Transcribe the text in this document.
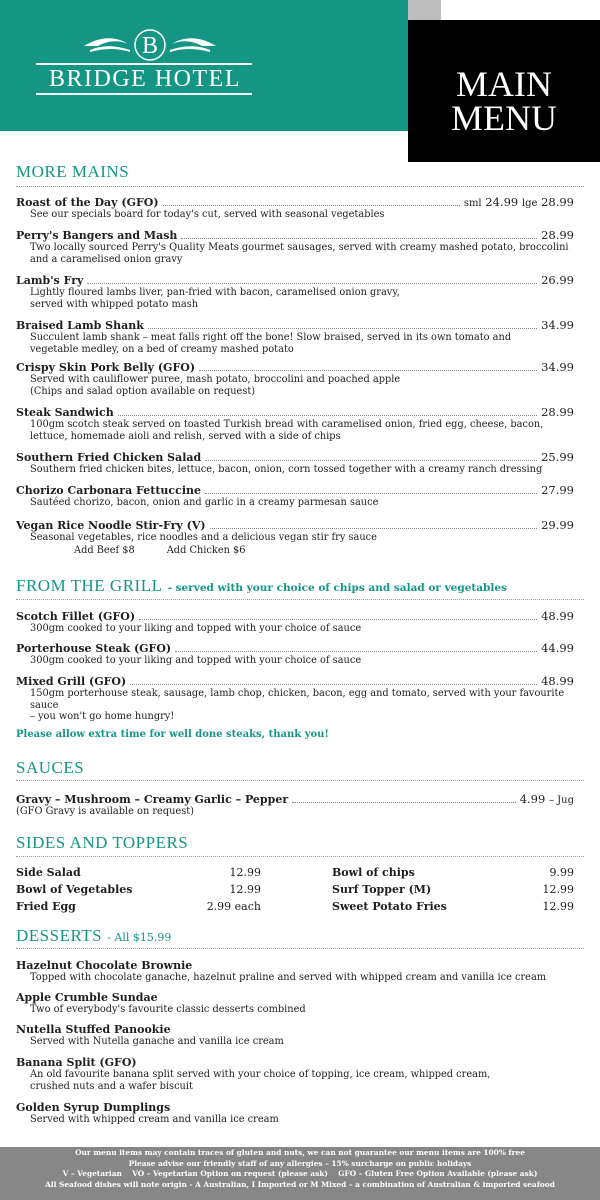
B
BRIDGE HOTEL	MAIN
MENU
MORE MAINS
Roast of the Day (GFO)	sml 24.99 lge 28.99
See our specials board for today's cut, served with seasonal vegetables
Perry's Bangers and Mash	28.99
Two locally sourced Perry's Quality Meats gourmet sausages, served with creamy mashed potato, broccolini
and a caramelised onion gravy
Lamb's Fry	26.99
Lightly floured lambs liver, pan-fried with bacon, caramelised onion gravy,
served with whipped potato mash
Braised Lamb Shank	34.99
Succulent lamb shank – meat falls right off the bone! Slow braised, served in its own tomato and
vegetable medley, on a bed of creamy mashed potato
Crispy Skin Pork Belly (GFO)	34.99
Served with cauliflower puree, mash potato, broccolini and poached apple
(Chips and salad option available on request)
Steak Sandwich	28.99
100gm scotch steak served on toasted Turkish bread with caramelised onion, fried egg, cheese, bacon,
lettuce, homemade aioli and relish, served with a side of chips
Southern Fried Chicken Salad	25.99
Southern fried chicken bites, lettuce, bacon, onion, corn tossed together with a creamy ranch dressing
Chorizo Carbonara Fettuccine	27.99
Sautéed chorizo, bacon, onion and garlic in a creamy parmesan sauce
Vegan Rice Noodle Stir-Fry (V)	29.99
Seasonal vegetables, rice noodles and a delicious vegan stir fry sauce
Add Beef $8	Add Chicken $6
FROM THE GRILL - served with your choice of chips and salad or vegetables
Scotch Fillet (GFO)	48.99
300gm cooked to your liking and topped with your choice of sauce
Porterhouse Steak (GFO)	44.99
300gm cooked to your liking and topped with your choice of sauce
Mixed Grill (GFO)	48.99
150gm porterhouse steak, sausage, lamb chop, chicken, bacon, egg and tomato, served with your favourite
sauce
– you won't go home hungry!
Please allow extra time for well done steaks, thank you!
SAUCES
Gravy – Mushroom – Creamy Garlic – Pepper	4.99 – Jug
(GFO Gravy is available on request)
SIDES AND TOPPERS
Side Salad	12.99
Bowl of Vegetables	12.99
Fried Egg	2.99 each
Bowl of chips	9.99
Surf Topper (M)	12.99
Sweet Potato Fries	12.99
DESSERTS - All $15.99
Hazelnut Chocolate Brownie
Topped with chocolate ganache, hazelnut praline and served with whipped cream and vanilla ice cream
Apple Crumble Sundae
Two of everybody's favourite classic desserts combined
Nutella Stuffed Panookie
Served with Nutella ganache and vanilla ice cream
Banana Split (GFO)
An old favourite banana split served with your choice of topping, ice cream, whipped cream,
crushed nuts and a wafer biscuit
Golden Syrup Dumplings
Served with whipped cream and vanilla ice cream
Our menu items may contain traces of gluten and nuts, we can not guarantee our menu items are 100% free
Please advise our friendly staff of any allergies – 15% surcharge on public holidays
V – Vegetarian    VO – Vegetarian Option on request (please ask)    GFO – Gluten Free Option Available (please ask)
All Seafood dishes will note origin - A Australian, I Imported or M Mixed – a combination of Australian & imported seafood
